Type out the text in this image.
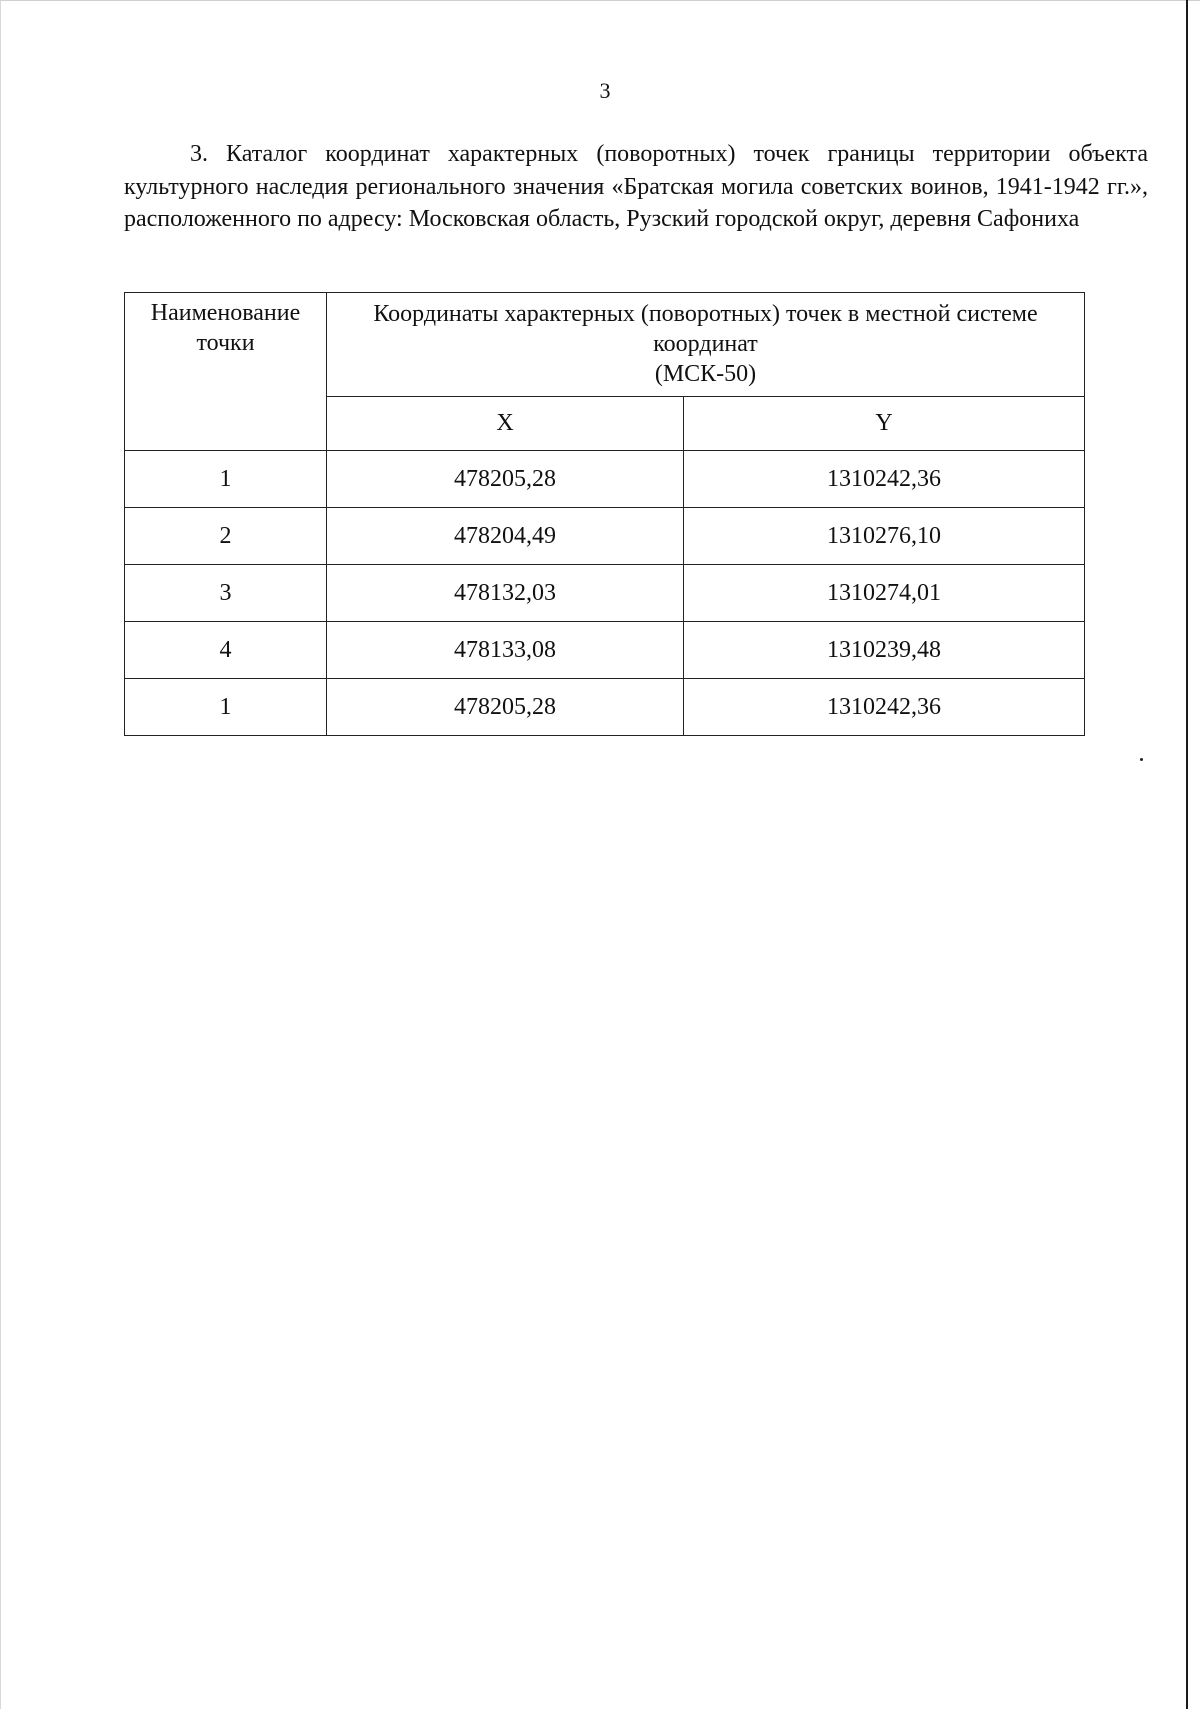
3

3. Каталог координат характерных (поворотных) точек границы территории объекта культурного наследия регионального значения «Братская могила советских воинов, 1941-1942 гг.», расположенного по адресу: Московская область, Рузский городской округ, деревня Сафониха

Наименование точки	Координаты характерных (поворотных) точек в местной системе координат
(МСК-50)	

	X	Y
1	478205,28	1310242,36
2	478204,49	1310276,10
3	478132,03	1310274,01
4	478133,08	1310239,48
1	478205,28	1310242,36
